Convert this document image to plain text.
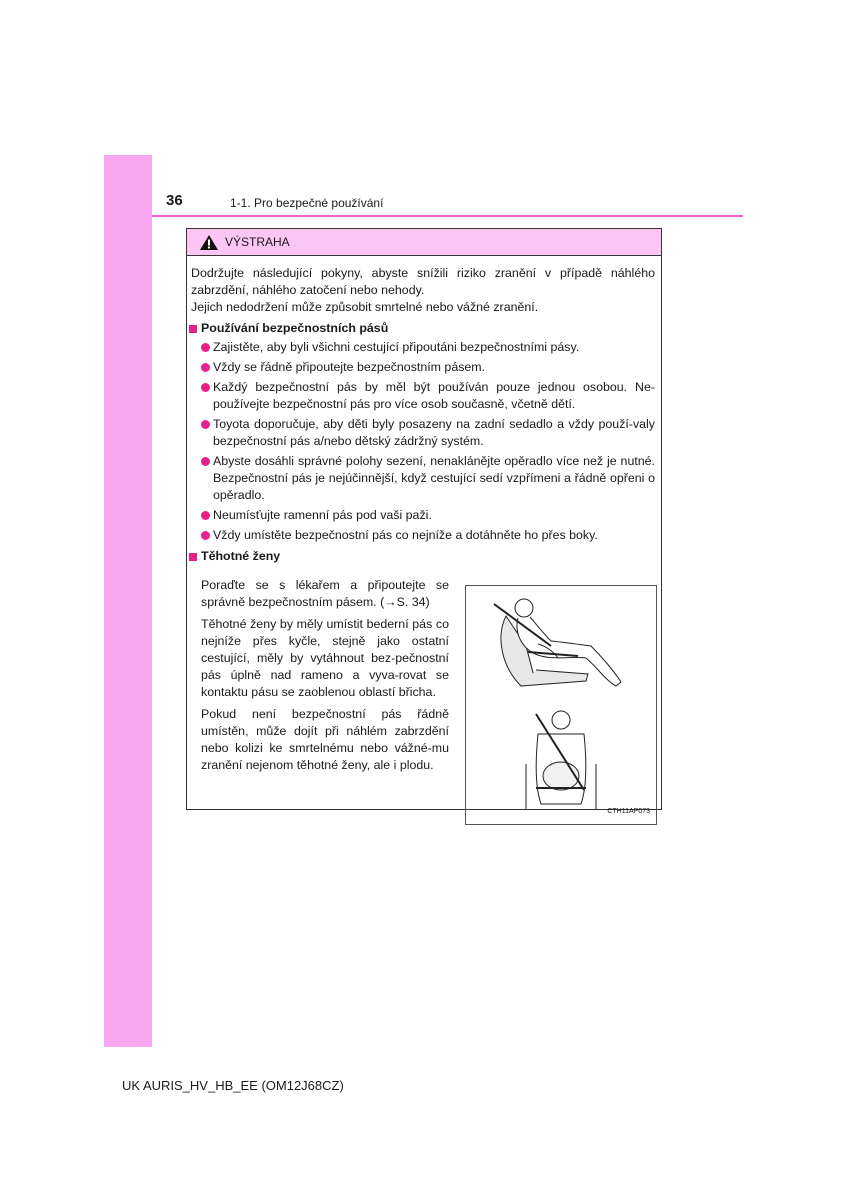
36	1-1. Pro bezpečné používání
VÝSTRAHA

Dodržujte následující pokyny, abyste snížili riziko zranění v případě náhlého zabrzdění, náhlého zatočení nebo nehody.

Jejich nedodržení může způsobit smrtelné nebo vážné zranění.

Používání bezpečnostních pásů
Zajistěte, aby byli všichni cestující připoutáni bezpečnostními pásy.
Vždy se řádně připoutejte bezpečnostním pásem.
Každý bezpečnostní pás by měl být používán pouze jednou osobou. Ne-používejte bezpečnostní pás pro více osob současně, včetně dětí.
Toyota doporučuje, aby děti byly posazeny na zadní sedadlo a vždy použí-valy bezpečnostní pás a/nebo dětský zádržný systém.
Abyste dosáhli správné polohy sezení, nenaklánějte opěradlo více než je nutné. Bezpečnostní pás je nejúčinnější, když cestující sedí vzpřímeni a řádně opřeni o opěradlo.
Neumísťujte ramenní pás pod vaši paži.
Vždy umístěte bezpečnostní pás co nejníže a dotáhněte ho přes boky.
Těhotné ženy

Poraďte se s lékařem a připoutejte se správně bezpečnostním pásem. (→S. 34)

Těhotné ženy by měly umístit bederní pás co nejníže přes kyčle, stejně jako ostatní cestující, měly by vytáhnout bez-pečnostní pás úplně nad rameno a vyva-rovat se kontaktu pásu se zaoblenou oblastí břicha.

Pokud není bezpečnostní pás řádně umístěn, může dojít při náhlém zabrzdění nebo kolizi ke smrtelnému nebo vážné-mu zranění nejenom těhotné ženy, ale i plodu.

CTH11AP073
UK AURIS_HV_HB_EE (OM12J68CZ)
